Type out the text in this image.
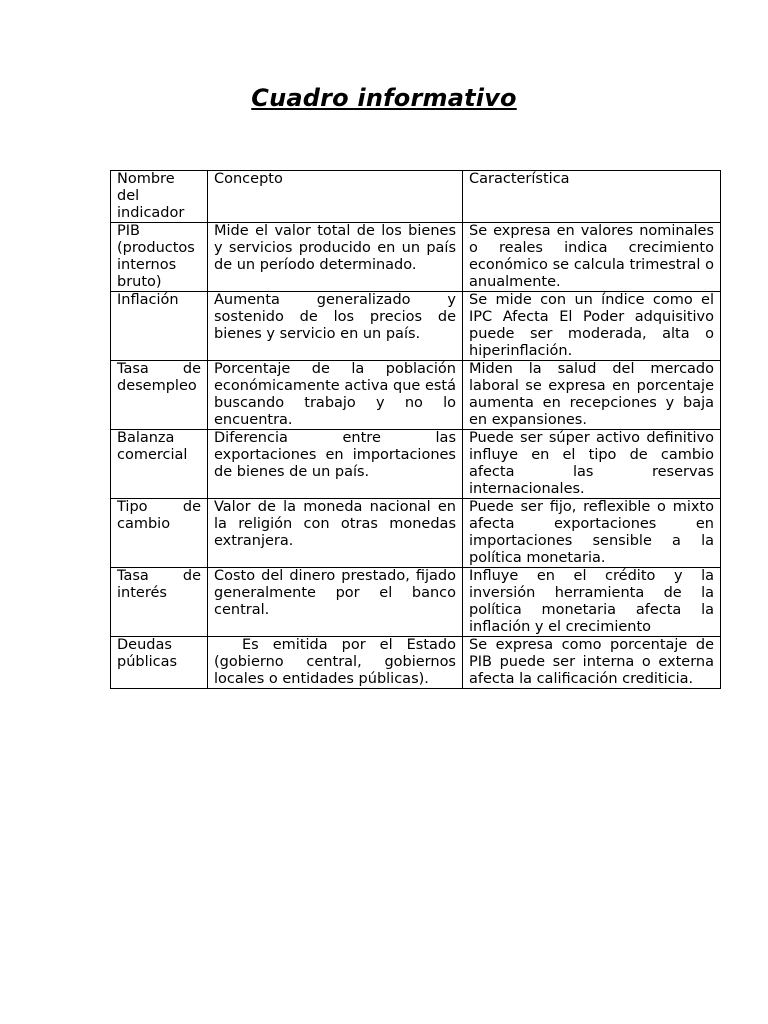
Cuadro informativo
Nombre del indicador	Concepto	Característica
PIB (productos internos bruto)	Mide el valor total de los bienes y servicios producido en un país de un período determinado.	Se expresa en valores nominales o reales indica crecimiento económico se calcula trimestral o anualmente.
Inflación	Aumenta generalizado y sostenido de los precios de bienes y servicio en un país.	Se mide con un índice como el IPC Afecta El Poder adquisitivo puede ser moderada, alta o hiperinflación.
Tasa de desempleo	Porcentaje de la población económicamente activa que está buscando trabajo y no lo encuentra.	Miden la salud del mercado laboral se expresa en porcentaje aumenta en recepciones y baja en expansiones.
Balanza comercial	Diferencia entre las exportaciones en importaciones de bienes de un país.	Puede ser súper activo definitivo influye en el tipo de cambio afecta las reservas internacionales.
Tipo de cambio	Valor de la moneda nacional en la religión con otras monedas extranjera.	Puede ser fijo, reflexible o mixto afecta exportaciones en importaciones sensible a la política monetaria.
Tasa de interés	Costo del dinero prestado, fijado generalmente por el banco central.	Influye en el crédito y la inversión herramienta de la política monetaria afecta la inflación y el crecimiento
Deudas públicas	Es emitida por el Estado (gobierno central, gobiernos locales o entidades públicas).	Se expresa como porcentaje de PIB puede ser interna o externa afecta la calificación crediticia.
